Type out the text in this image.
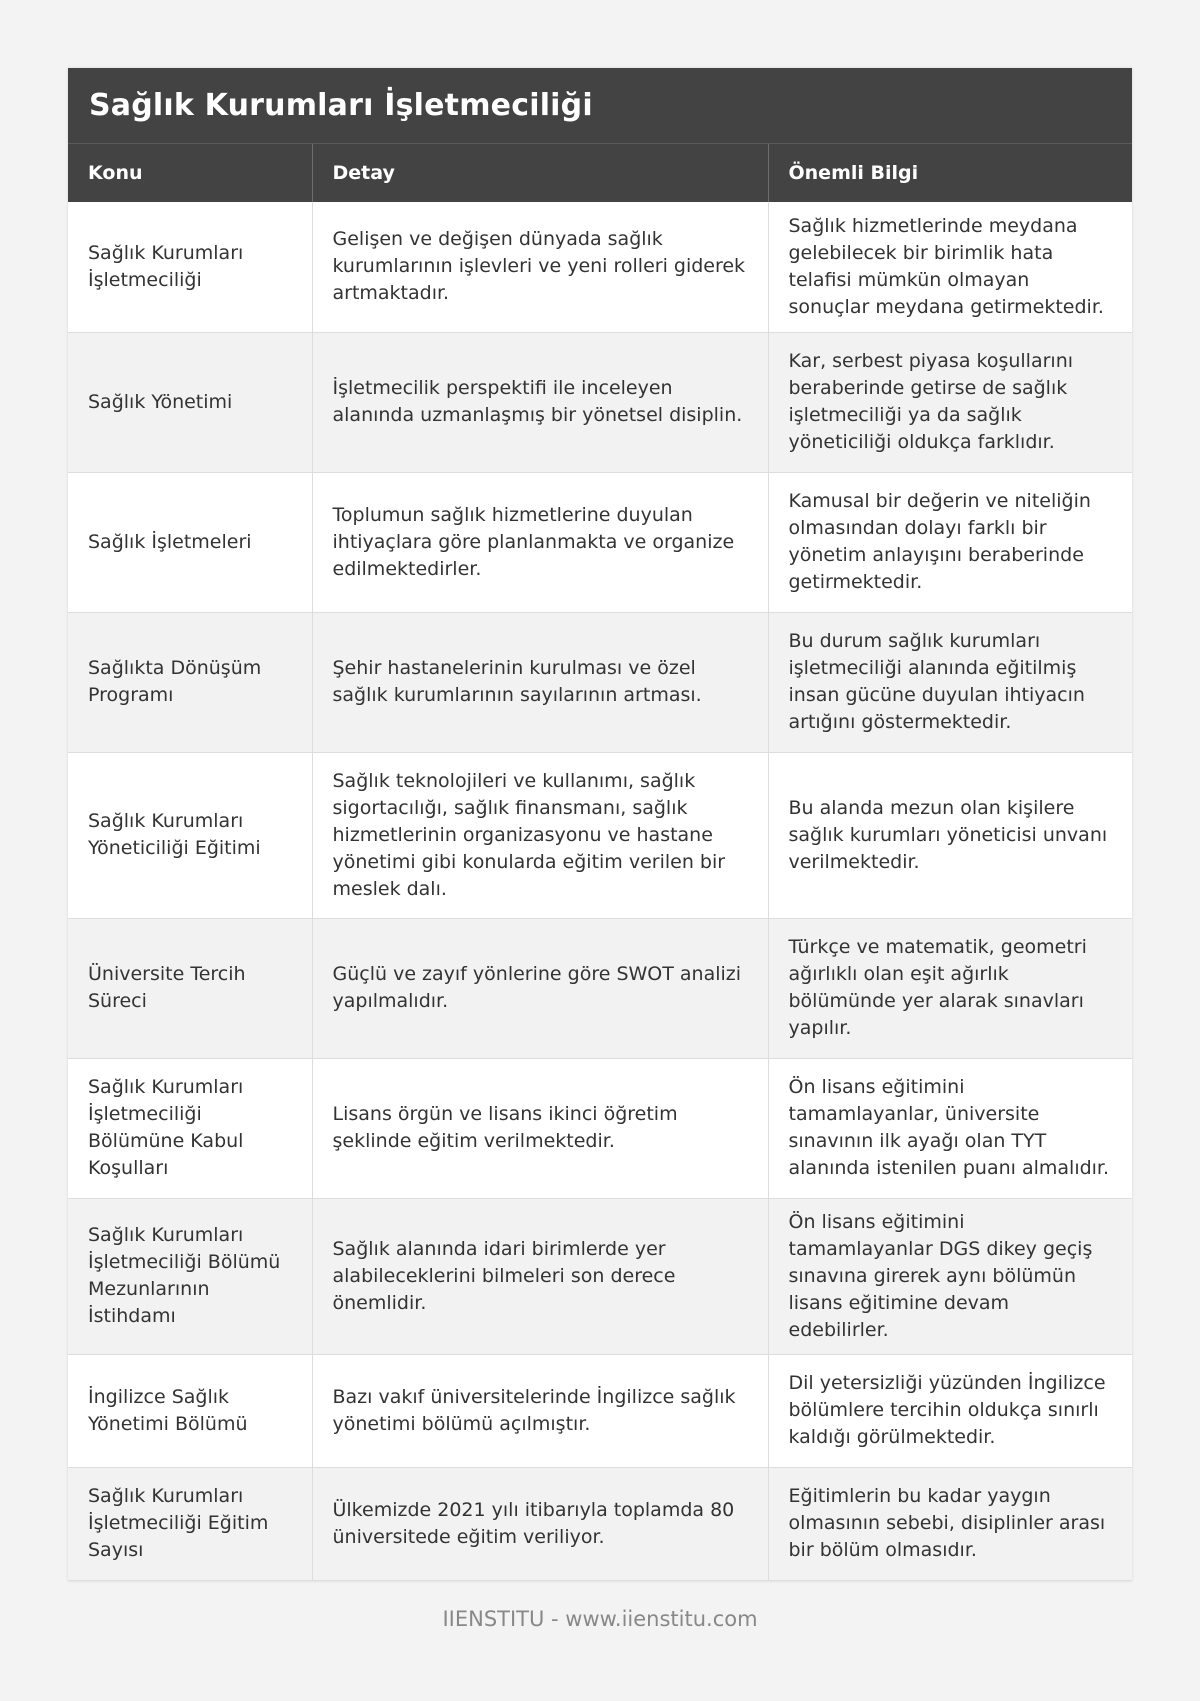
Sağlık Kurumları İşletmeciliği
Konu	Detay	Önemli Bilgi
Sağlık Kurumları İşletmeciliği	Gelişen ve değişen dünyada sağlık kurumlarının işlevleri ve yeni rolleri giderek artmaktadır.	Sağlık hizmetlerinde meydana gelebilecek bir birimlik hata telafisi mümkün olmayan sonuçlar meydana getirmektedir.
Sağlık Yönetimi	İşletmecilik perspektifi ile inceleyen alanında uzmanlaşmış bir yönetsel disiplin.	Kar, serbest piyasa koşullarını beraberinde getirse de sağlık işletmeciliği ya da sağlık yöneticiliği oldukça farklıdır.
Sağlık İşletmeleri	Toplumun sağlık hizmetlerine duyulan ihtiyaçlara göre planlanmakta ve organize edilmektedirler.	Kamusal bir değerin ve niteliğin olmasından dolayı farklı bir yönetim anlayışını beraberinde getirmektedir.
Sağlıkta Dönüşüm Programı	Şehir hastanelerinin kurulması ve özel sağlık kurumlarının sayılarının artması.	Bu durum sağlık kurumları işletmeciliği alanında eğitilmiş insan gücüne duyulan ihtiyacın artığını göstermektedir.
Sağlık Kurumları Yöneticiliği Eğitimi	Sağlık teknolojileri ve kullanımı, sağlık sigortacılığı, sağlık finansmanı, sağlık hizmetlerinin organizasyonu ve hastane yönetimi gibi konularda eğitim verilen bir meslek dalı.	Bu alanda mezun olan kişilere sağlık kurumları yöneticisi unvanı verilmektedir.
Üniversite Tercih Süreci	Güçlü ve zayıf yönlerine göre SWOT analizi yapılmalıdır.	Türkçe ve matematik, geometri ağırlıklı olan eşit ağırlık bölümünde yer alarak sınavları yapılır.
Sağlık Kurumları İşletmeciliği Bölümüne Kabul Koşulları	Lisans örgün ve lisans ikinci öğretim şeklinde eğitim verilmektedir.	Ön lisans eğitimini tamamlayanlar, üniversite sınavının ilk ayağı olan TYT alanında istenilen puanı almalıdır.
Sağlık Kurumları İşletmeciliği Bölümü Mezunlarının İstihdamı	Sağlık alanında idari birimlerde yer alabileceklerini bilmeleri son derece önemlidir.	Ön lisans eğitimini tamamlayanlar DGS dikey geçiş sınavına girerek aynı bölümün lisans eğitimine devam edebilirler.
İngilizce Sağlık Yönetimi Bölümü	Bazı vakıf üniversitelerinde İngilizce sağlık yönetimi bölümü açılmıştır.	Dil yetersizliği yüzünden İngilizce bölümlere tercihin oldukça sınırlı kaldığı görülmektedir.
Sağlık Kurumları İşletmeciliği Eğitim Sayısı	Ülkemizde 2021 yılı itibarıyla toplamda 80 üniversitede eğitim veriliyor.	Eğitimlerin bu kadar yaygın olmasının sebebi, disiplinler arası bir bölüm olmasıdır.
IIENSTITU - www.iienstitu.com
